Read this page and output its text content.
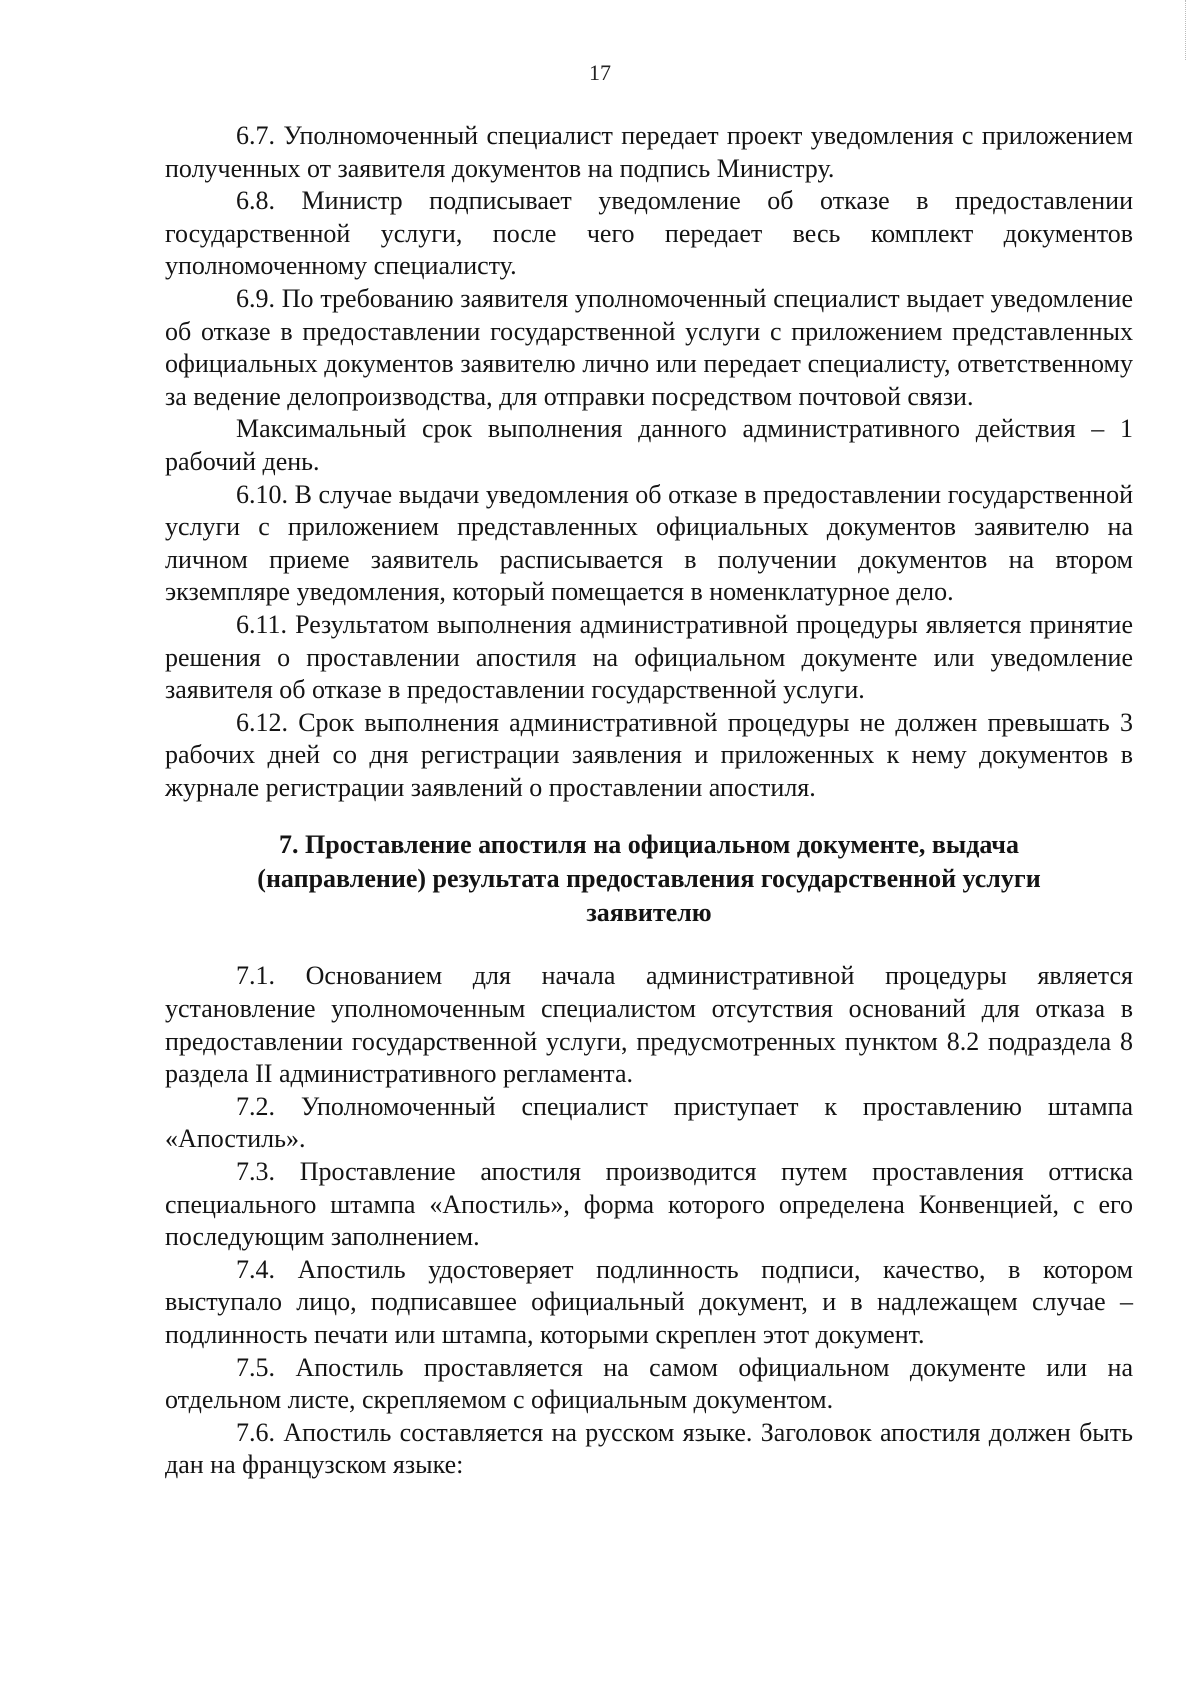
17

6.7. Уполномоченный специалист передает проект уведомления с приложением полученных от заявителя документов на подпись Министру.

6.8. Министр подписывает уведомление об отказе в предоставлении государственной услуги, после чего передает весь комплект документов уполномоченному специалисту.

6.9. По требованию заявителя уполномоченный специалист выдает уведомление об отказе в предоставлении государственной услуги с приложением представленных официальных документов заявителю лично или передает специалисту, ответственному за ведение делопроизводства, для отправки посредством почтовой связи.

Максимальный срок выполнения данного административного действия – 1 рабочий день.

6.10. В случае выдачи уведомления об отказе в предоставлении государственной услуги с приложением представленных официальных документов заявителю на личном приеме заявитель расписывается в получении документов на втором экземпляре уведомления, который помещается в номенклатурное дело.

6.11. Результатом выполнения административной процедуры является принятие решения о проставлении апостиля на официальном документе или уведомление заявителя об отказе в предоставлении государственной услуги.

6.12. Срок выполнения административной процедуры не должен превышать 3 рабочих дней со дня регистрации заявления и приложенных к нему документов в журнале регистрации заявлений о проставлении апостиля.

7. Проставление апостиля на официальном документе, выдача
(направление) результата предоставления государственной услуги
заявителю

7.1. Основанием для начала административной процедуры является установление уполномоченным специалистом отсутствия оснований для отказа в предоставлении государственной услуги, предусмотренных пунктом 8.2 подраздела 8 раздела II административного регламента.

7.2. Уполномоченный специалист приступает к проставлению штампа «Апостиль».

7.3. Проставление апостиля производится путем проставления оттиска специального штампа «Апостиль», форма которого определена Конвенцией, с его последующим заполнением.

7.4. Апостиль удостоверяет подлинность подписи, качество, в котором выступало лицо, подписавшее официальный документ, и в надлежащем случае – подлинность печати или штампа, которыми скреплен этот документ.

7.5. Апостиль проставляется на самом официальном документе или на отдельном листе, скрепляемом с официальным документом.

7.6. Апостиль составляется на русском языке. Заголовок апостиля должен быть дан на французском языке:
